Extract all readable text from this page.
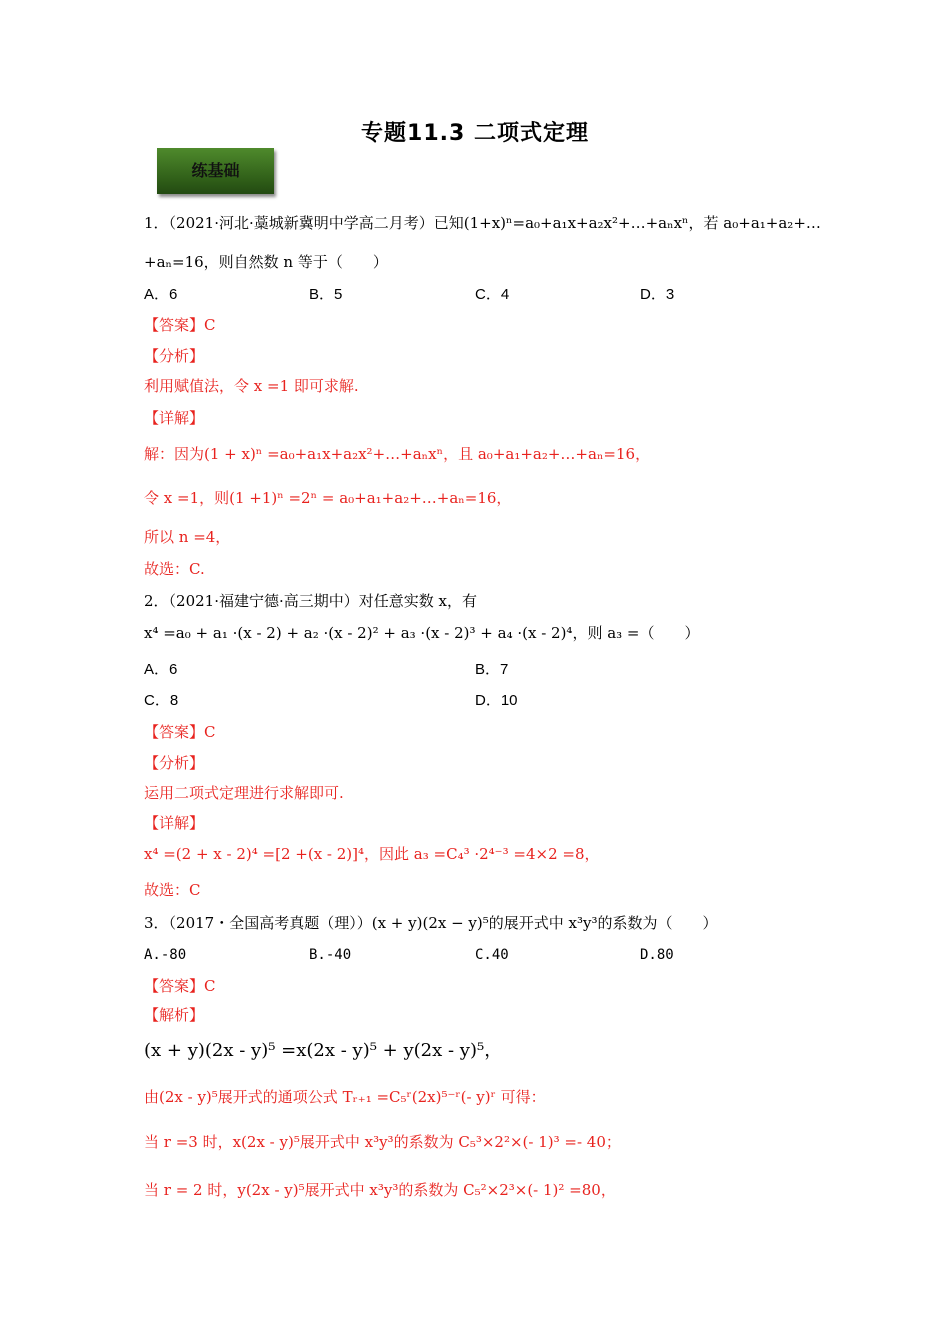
专题11.3 二项式定理
练基础
1．（2021·河北·藁城新冀明中学高二月考）已知(1+x)ⁿ=a₀+a₁x+a₂x²+…+aₙxⁿ，若 a₀+a₁+a₂+…
+aₙ=16，则自然数 n 等于（　　）
A．6	B．5	C．4	D．3
【答案】C
【分析】
利用赋值法，令 x =1 即可求解.
【详解】
解：因为(1 + x)ⁿ =a₀+a₁x+a₂x²+…+aₙxⁿ，且 a₀+a₁+a₂+…+aₙ=16，
令 x =1，则(1 +1)ⁿ =2ⁿ = a₀+a₁+a₂+…+aₙ=16，
所以 n =4，
故选：C.
2．（2021·福建宁德·高三期中）对任意实数 x，有
x⁴ =a₀ + a₁ ·(x - 2) + a₂ ·(x - 2)² + a₃ ·(x - 2)³ + a₄ ·(x - 2)⁴，则 a₃ =（　　）
A．6	B．7
C．8	D．10
【答案】C
【分析】
运用二项式定理进行求解即可.
【详解】
x⁴ =(2 + x - 2)⁴ =[2 +(x - 2)]⁴，因此 a₃ =C₄³ ·2⁴⁻³ =4×2 =8，
故选：C
3．（2017・全国高考真题（理））(x + y)(2x − y)⁵的展开式中 x³y³的系数为（　　）
A.-80	B.-40	C.40	D.80
【答案】C
【解析】
(x + y)(2x - y)⁵ =x(2x - y)⁵ + y(2x - y)⁵，
由(2x - y)⁵展开式的通项公式 Tᵣ₊₁ =C₅ʳ(2x)⁵⁻ʳ(- y)ʳ 可得：
当 r =3 时，x(2x - y)⁵展开式中 x³y³的系数为 C₅³×2²×(- 1)³ =- 40；
当 r = 2 时，y(2x - y)⁵展开式中 x³y³的系数为 C₅²×2³×(- 1)² =80，
